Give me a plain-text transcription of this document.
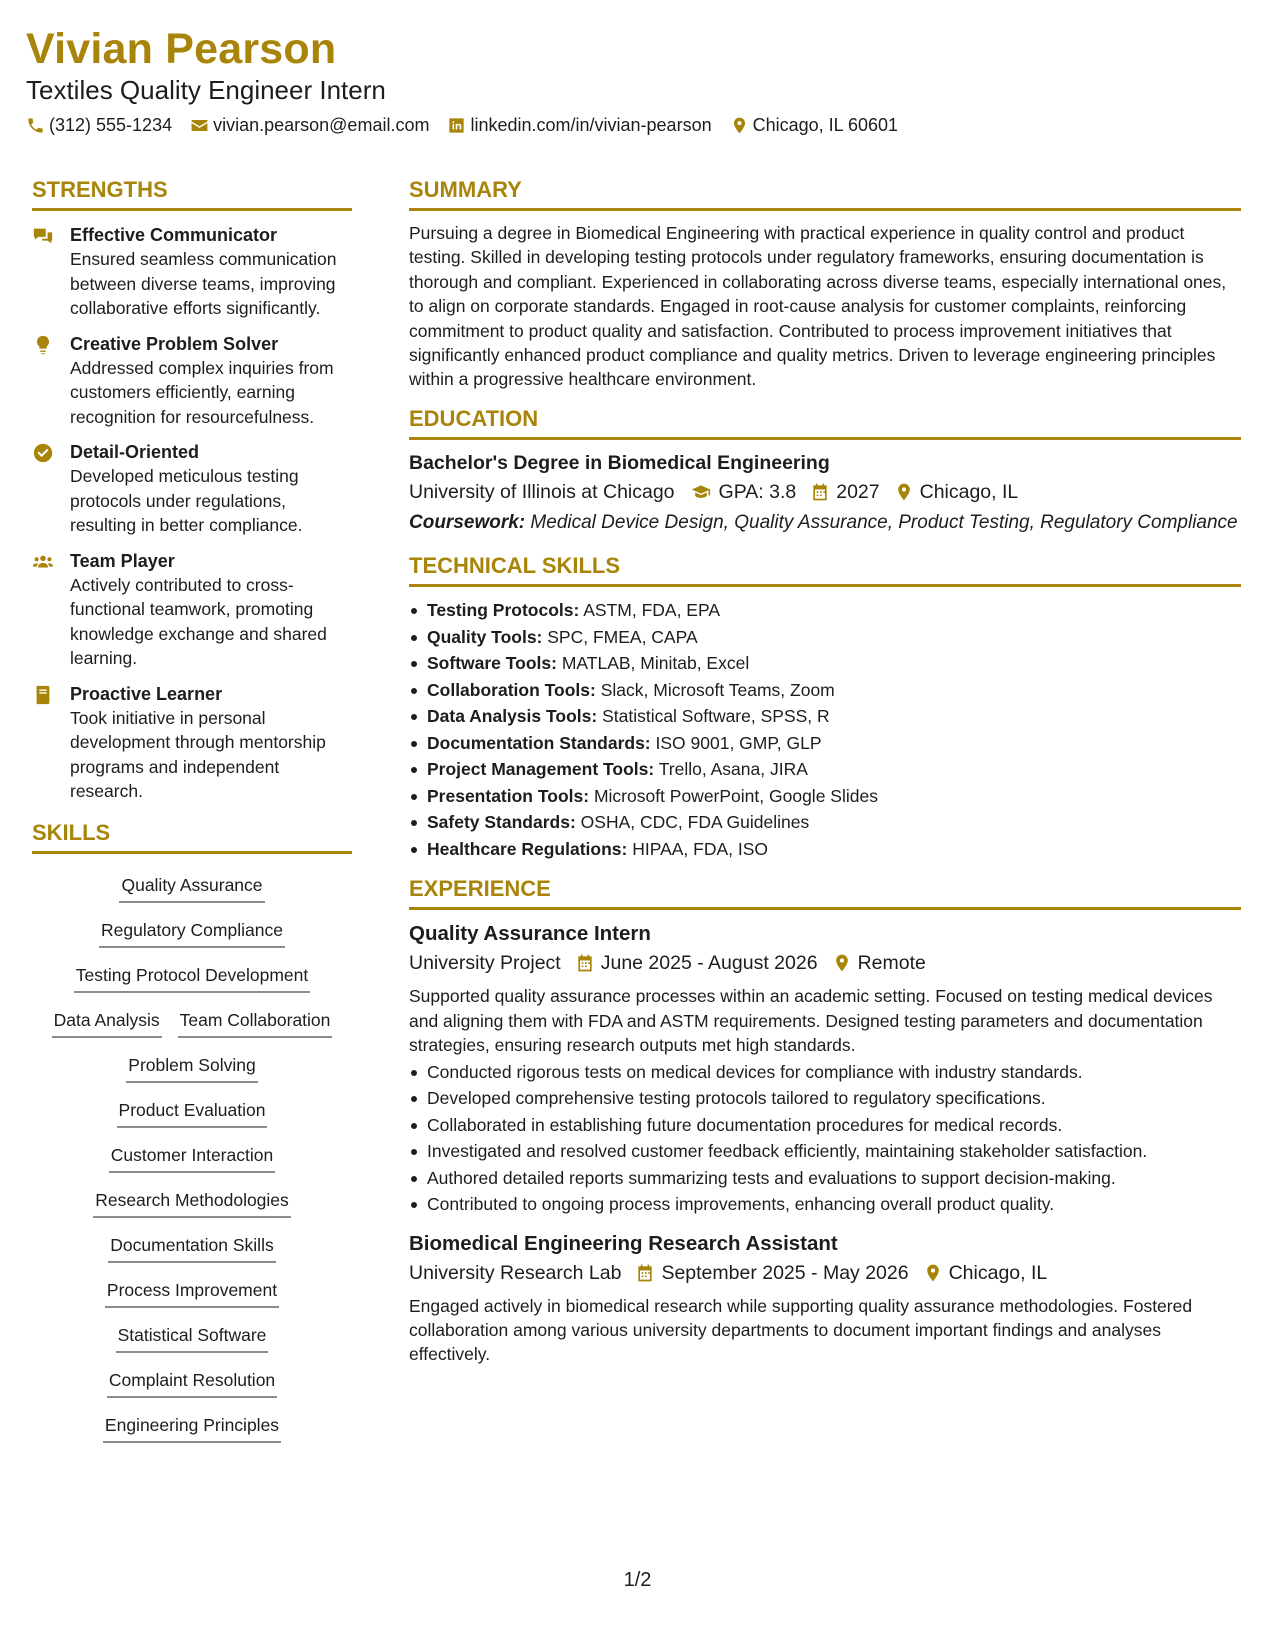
Vivian Pearson
Textiles Quality Engineer Intern
(312) 555-1234 vivian.pearson@email.com linkedin.com/in/vivian-pearson Chicago, IL 60601
STRENGTHS
Effective Communicator
Ensured seamless communication between diverse teams, improving collaborative efforts significantly.
Creative Problem Solver
Addressed complex inquiries from customers efficiently, earning recognition for resourcefulness.
Detail-Oriented
Developed meticulous testing protocols under regulations, resulting in better compliance.
Team Player
Actively contributed to cross-functional teamwork, promoting knowledge exchange and shared learning.
Proactive Learner
Took initiative in personal development through mentorship programs and independent research.
SKILLS
Quality Assurance
Regulatory Compliance
Testing Protocol Development
Data Analysis Team Collaboration
Problem Solving
Product Evaluation
Customer Interaction
Research Methodologies
Documentation Skills
Process Improvement
Statistical Software
Complaint Resolution
Engineering Principles
SUMMARY
Pursuing a degree in Biomedical Engineering with practical experience in quality control and product testing. Skilled in developing testing protocols under regulatory frameworks, ensuring documentation is thorough and compliant. Experienced in collaborating across diverse teams, especially international ones, to align on corporate standards. Engaged in root-cause analysis for customer complaints, reinforcing commitment to product quality and satisfaction. Contributed to process improvement initiatives that significantly enhanced product compliance and quality metrics. Driven to leverage engineering principles within a progressive healthcare environment.
EDUCATION
Bachelor's Degree in Biomedical Engineering
University of Illinois at Chicago GPA: 3.8 2027 Chicago, IL
Coursework: Medical Device Design, Quality Assurance, Product Testing, Regulatory Compliance
TECHNICAL SKILLS
Testing Protocols: ASTM, FDA, EPA
Quality Tools: SPC, FMEA, CAPA
Software Tools: MATLAB, Minitab, Excel
Collaboration Tools: Slack, Microsoft Teams, Zoom
Data Analysis Tools: Statistical Software, SPSS, R
Documentation Standards: ISO 9001, GMP, GLP
Project Management Tools: Trello, Asana, JIRA
Presentation Tools: Microsoft PowerPoint, Google Slides
Safety Standards: OSHA, CDC, FDA Guidelines
Healthcare Regulations: HIPAA, FDA, ISO
EXPERIENCE
Quality Assurance Intern
University Project June 2025 - August 2026 Remote
Supported quality assurance processes within an academic setting. Focused on testing medical devices and aligning them with FDA and ASTM requirements. Designed testing parameters and documentation strategies, ensuring research outputs met high standards.
Conducted rigorous tests on medical devices for compliance with industry standards.
Developed comprehensive testing protocols tailored to regulatory specifications.
Collaborated in establishing future documentation procedures for medical records.
Investigated and resolved customer feedback efficiently, maintaining stakeholder satisfaction.
Authored detailed reports summarizing tests and evaluations to support decision-making.
Contributed to ongoing process improvements, enhancing overall product quality.
Biomedical Engineering Research Assistant
University Research Lab September 2025 - May 2026 Chicago, IL
Engaged actively in biomedical research while supporting quality assurance methodologies. Fostered collaboration among various university departments to document important findings and analyses effectively.
1/2
